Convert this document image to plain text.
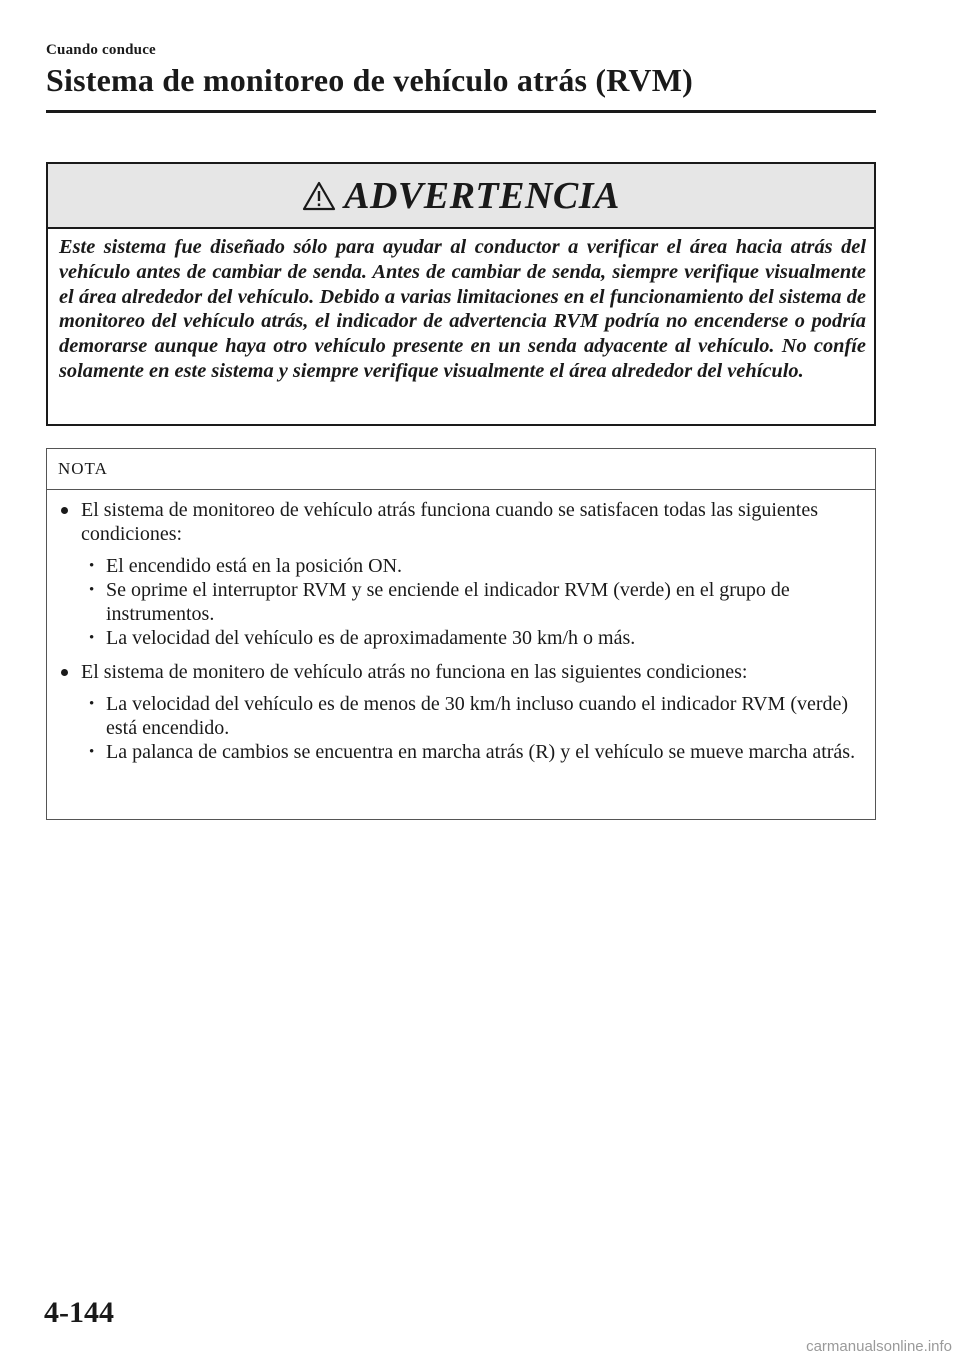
Cuando conduce
Sistema de monitoreo de vehículo atrás (RVM)
ADVERTENCIA
Este sistema fue diseñado sólo para ayudar al conductor a verificar el área hacia atrás del vehículo antes de cambiar de senda. Antes de cambiar de senda, siempre verifique visualmente el área alrededor del vehículo. Debido a varias limitaciones en el funcionamiento del sistema de monitoreo del vehículo atrás, el indicador de advertencia RVM podría no encenderse o podría demorarse aunque haya otro vehículo presente en un senda adyacente al vehículo. No confíe solamente en este sistema y siempre verifique visualmente el área alrededor del vehículo.
NOTA
El sistema de monitoreo de vehículo atrás funciona cuando se satisfacen todas las siguientes condiciones:
• El encendido está en la posición ON.
• Se oprime el interruptor RVM y se enciende el indicador RVM (verde) en el grupo de instrumentos.
• La velocidad del vehículo es de aproximadamente 30 km/h o más.
El sistema de monitero de vehículo atrás no funciona en las siguientes condiciones:
• La velocidad del vehículo es de menos de 30 km/h incluso cuando el indicador RVM (verde) está encendido.
• La palanca de cambios se encuentra en marcha atrás (R) y el vehículo se mueve marcha atrás.
4-144
carmanualsonline.info
